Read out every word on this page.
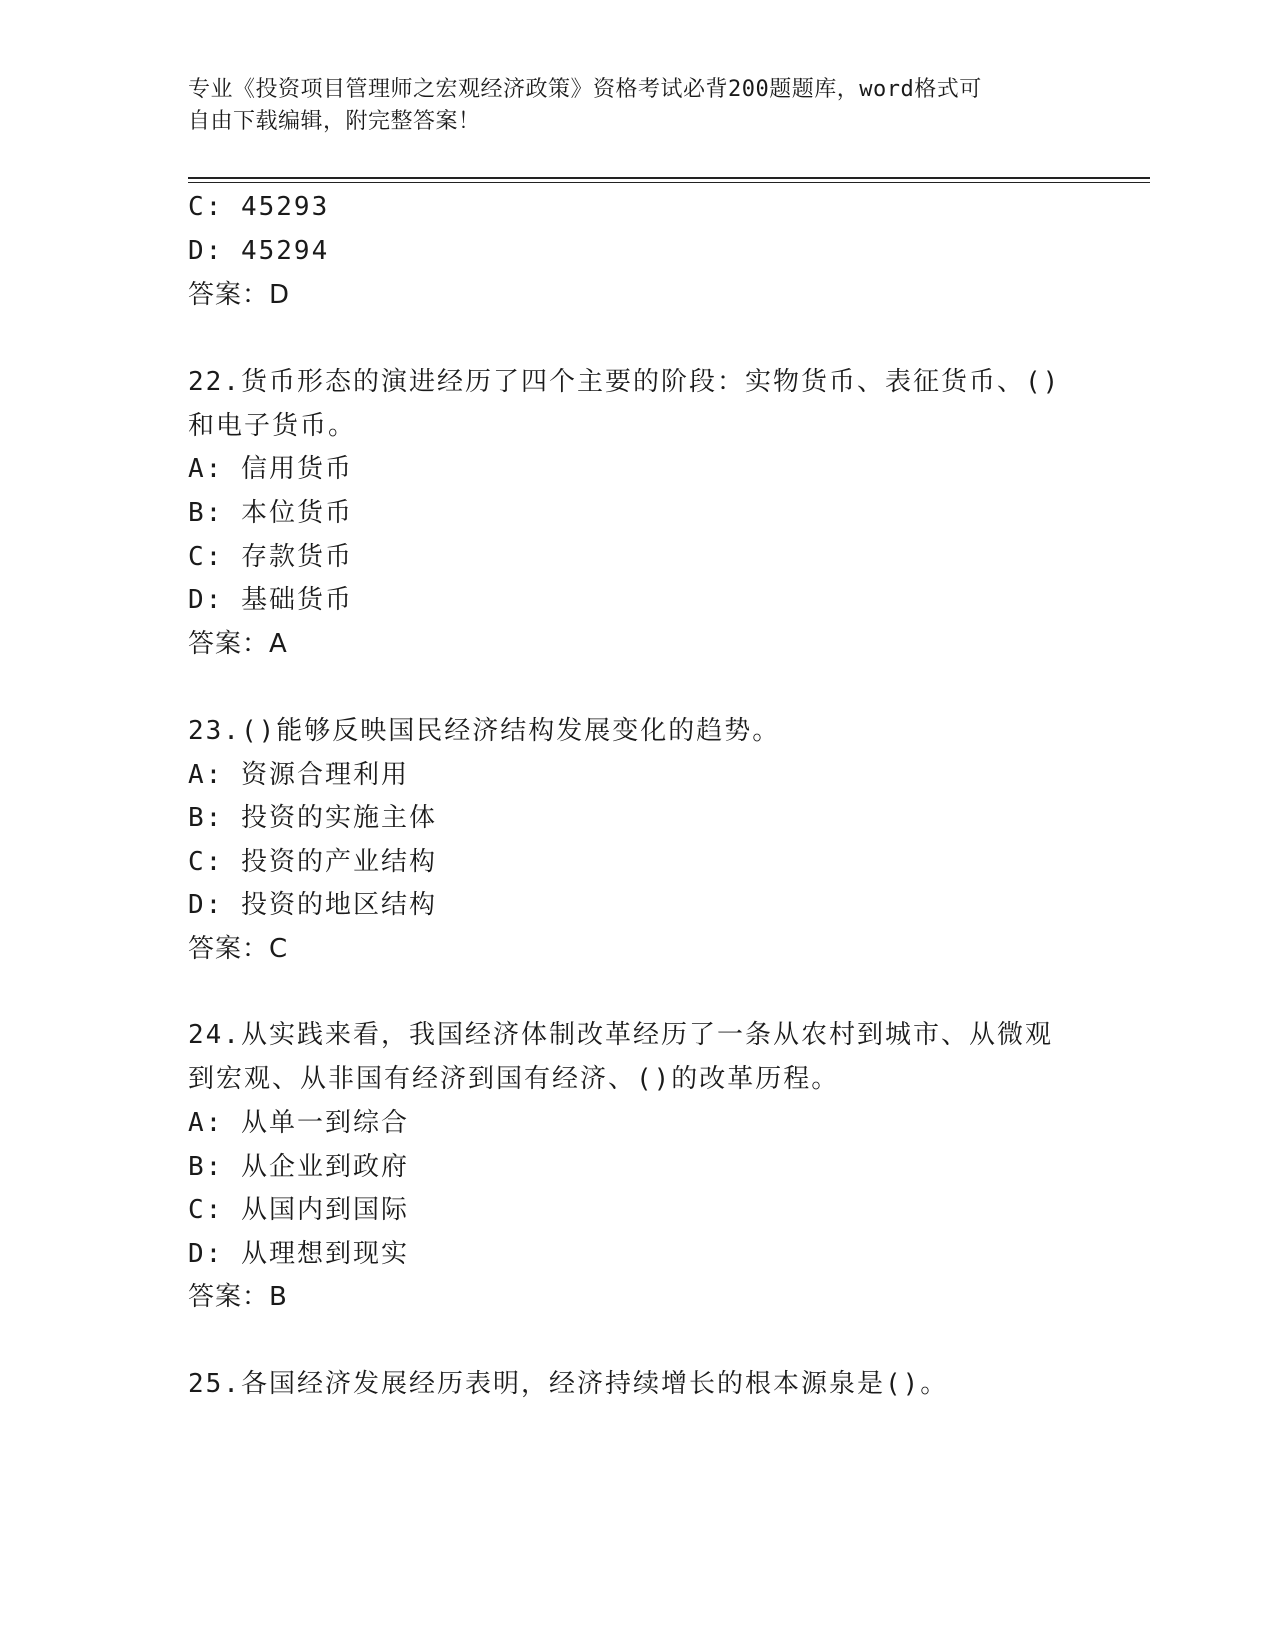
专业《投资项目管理师之宏观经济政策》资格考试必背200题题库，word格式可
自由下载编辑，附完整答案！
C: 45293
D: 45294
答案：D
22.货币形态的演进经历了四个主要的阶段：实物货币、表征货币、()
和电子货币。
A: 信用货币
B: 本位货币
C: 存款货币
D: 基础货币
答案：A
23.()能够反映国民经济结构发展变化的趋势。
A: 资源合理利用
B: 投资的实施主体
C: 投资的产业结构
D: 投资的地区结构
答案：C
24.从实践来看，我国经济体制改革经历了一条从农村到城市、从微观
到宏观、从非国有经济到国有经济、()的改革历程。
A: 从单一到综合
B: 从企业到政府
C: 从国内到国际
D: 从理想到现实
答案：B
25.各国经济发展经历表明，经济持续增长的根本源泉是()。
